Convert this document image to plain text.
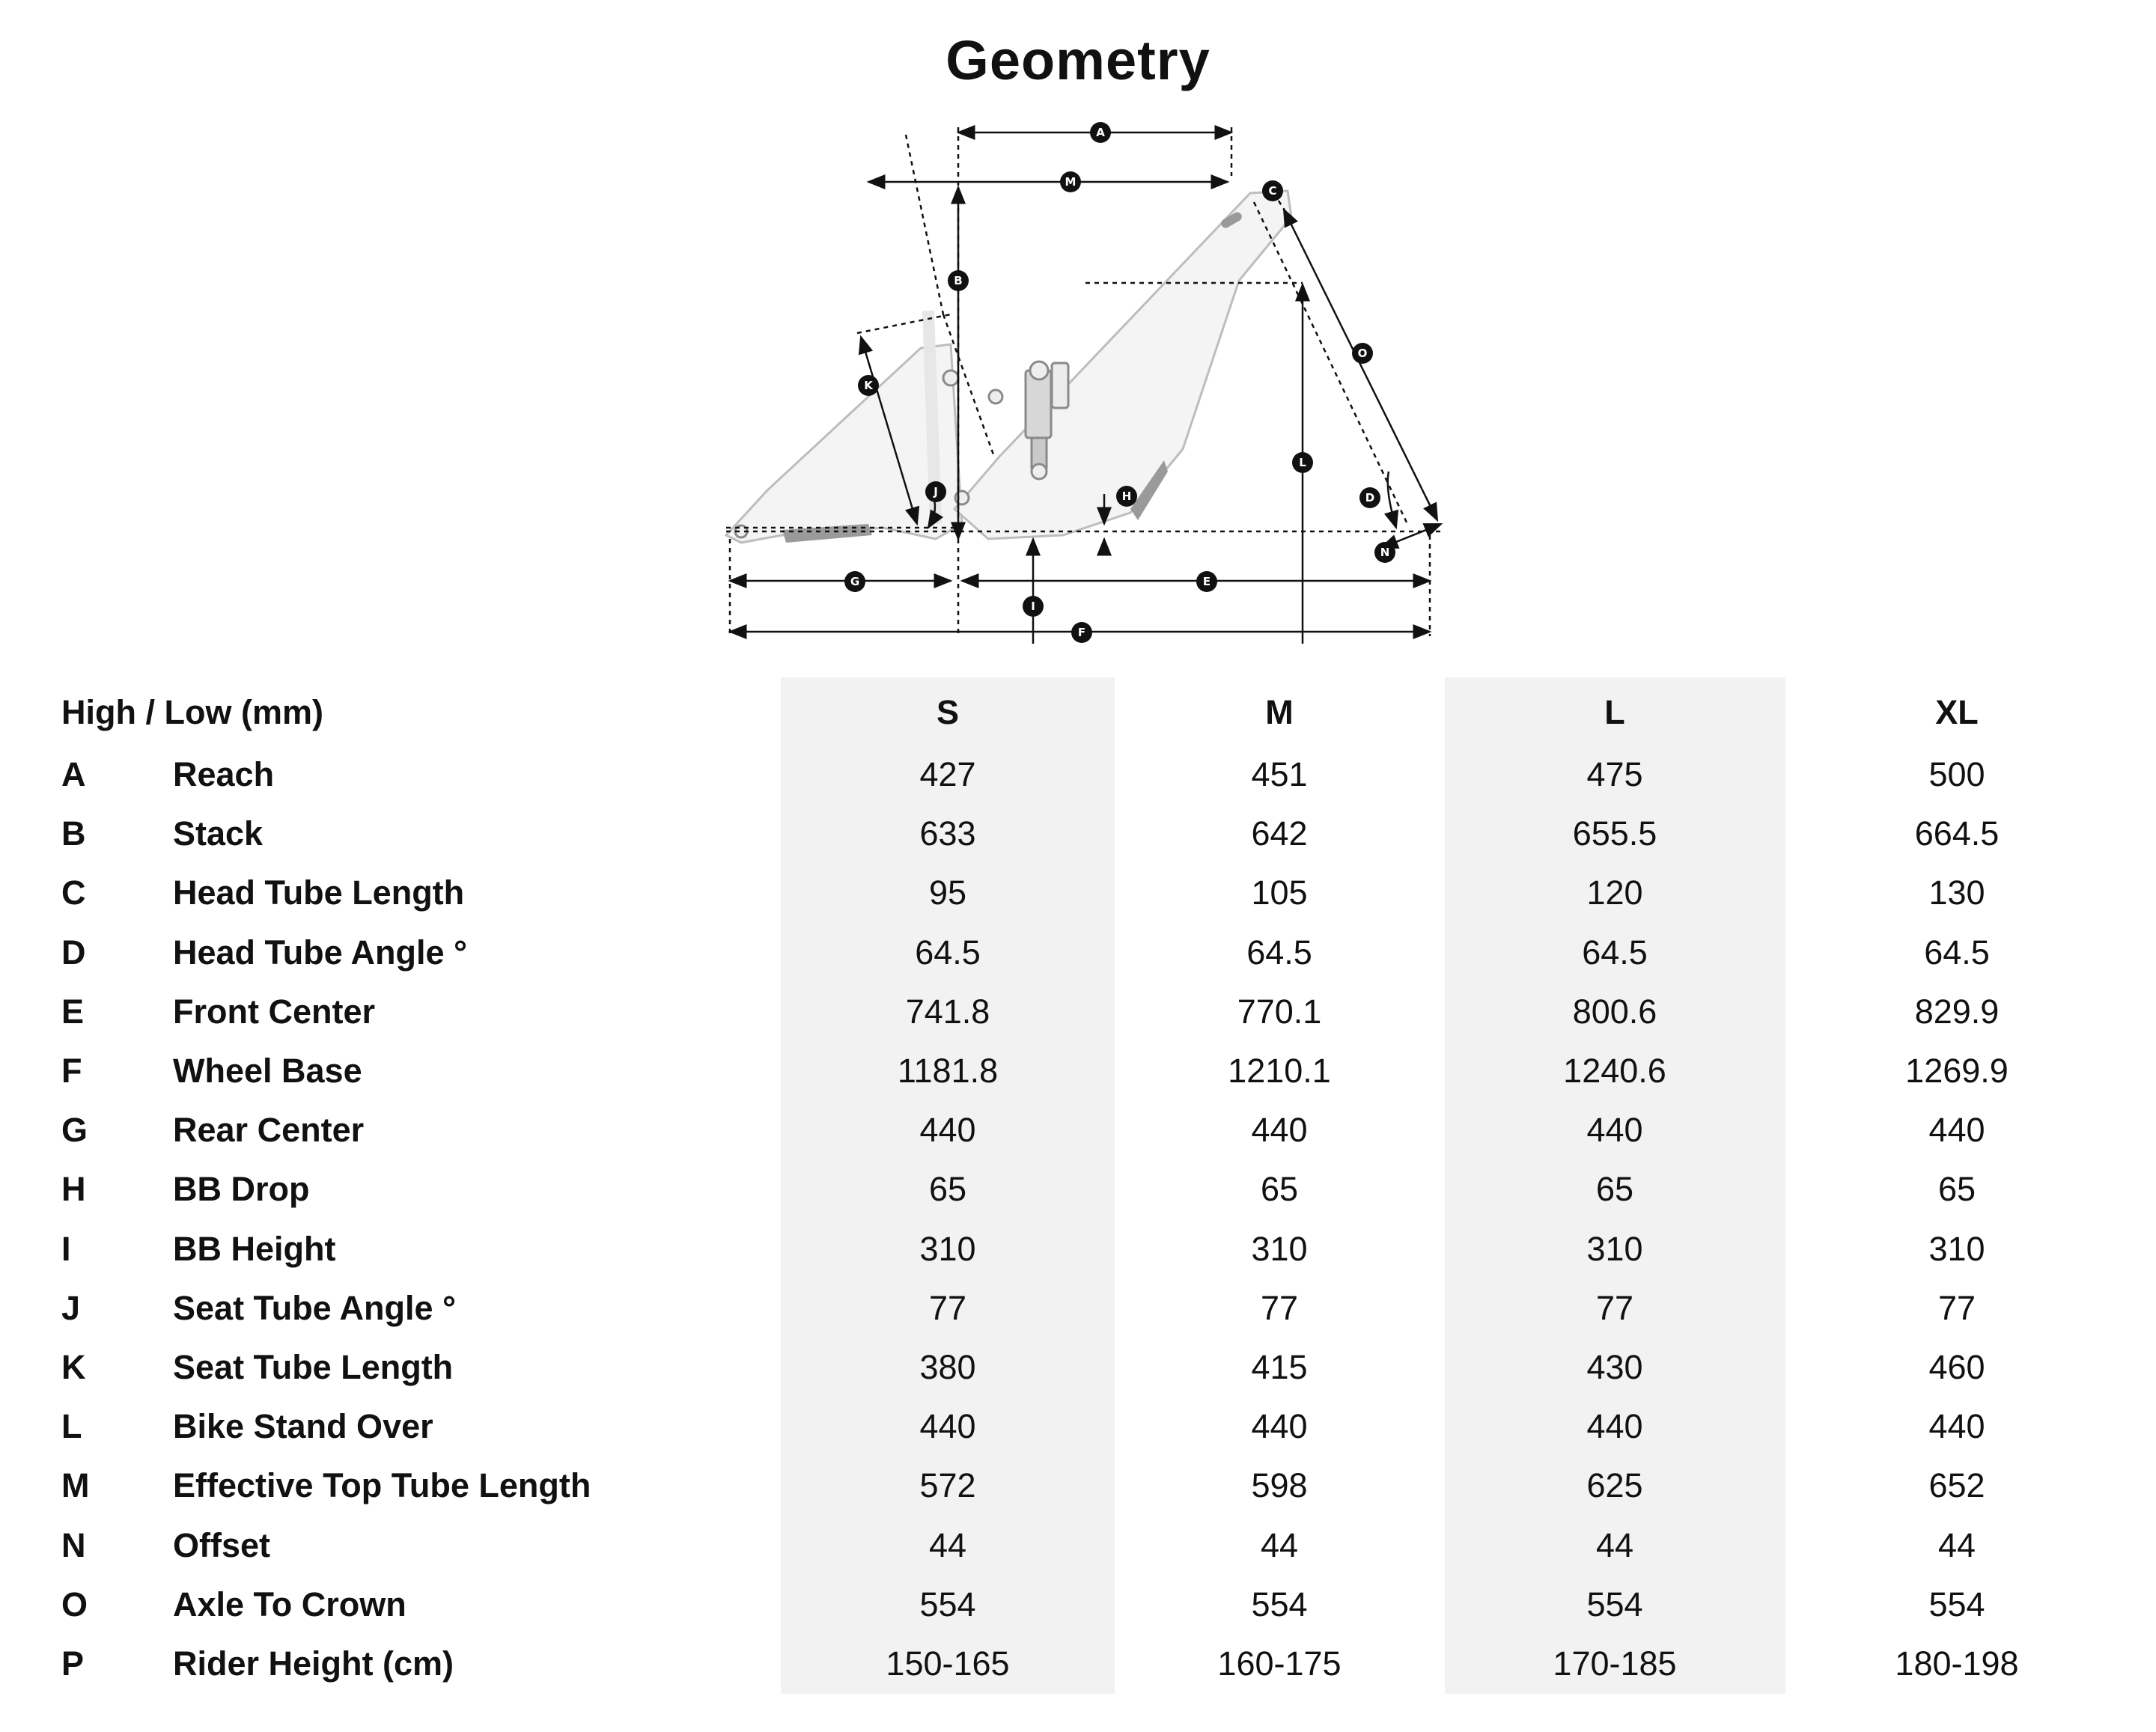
Geometry
A
M
C
B
K
O
L
J	H	D
N
G	E
I
F
High / Low (mm)	S	M	L	XL
A	Reach	427	451	475	500
B	Stack	633	642	655.5	664.5
C	Head Tube Length	95	105	120	130
D	Head Tube Angle °	64.5	64.5	64.5	64.5
E	Front Center	741.8	770.1	800.6	829.9
F	Wheel Base	1181.8	1210.1	1240.6	1269.9
G	Rear Center	440	440	440	440
H	BB Drop	65	65	65	65
I	BB Height	310	310	310	310
J	Seat Tube Angle °	77	77	77	77
K	Seat Tube Length	380	415	430	460
L	Bike Stand Over	440	440	440	440
M Effective Top Tube Length	572	598	625	652
N	Offset	44	44	44	44
O	Axle To Crown	554	554	554	554
P	Rider Height (cm)	150-165	160-175	170-185	180-198
